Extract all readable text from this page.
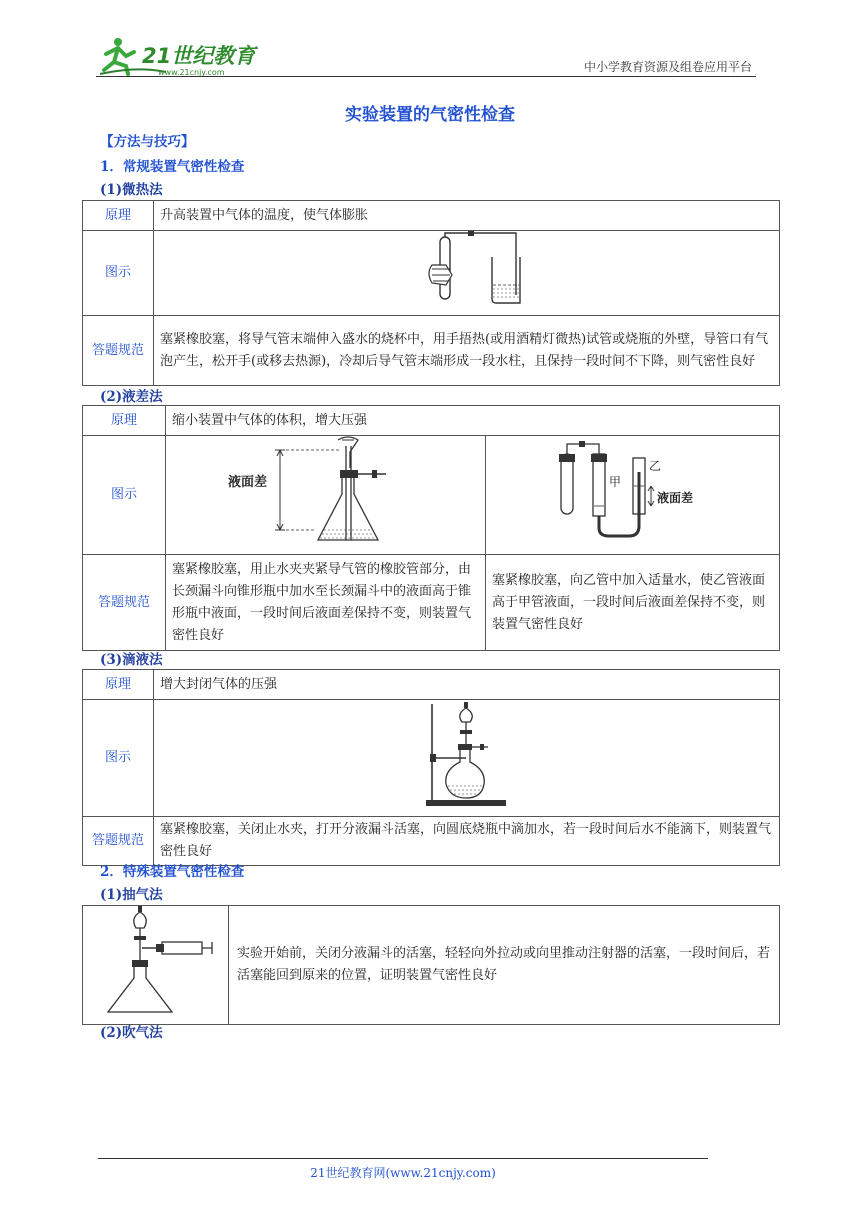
21世纪教育
www.21cnjy.com	中小学教育资源及组卷应用平台
实验装置的气密性检查
【方法与技巧】
1．常规装置气密性检查
(1)微热法
原理	升高装置中气体的温度，使气体膨胀
图示	
答题规范	塞紧橡胶塞，将导气管末端伸入盛水的烧杯中，用手捂热(或用酒精灯微热)试管或烧瓶的外壁，导管口有气泡产生，松开手(或移去热源)，冷却后导气管末端形成一段水柱，且保持一段时间不下降，则气密性良好
(2)液差法
原理	缩小装置中气体的体积，增大压强	
图示	液面差	甲
乙
液面差

答题规范	塞紧橡胶塞，用止水夹夹紧导气管的橡胶管部分，由长颈漏斗向锥形瓶中加水至长颈漏斗中的液面高于锥形瓶中液面，一段时间后液面差保持不变，则装置气密性良好	塞紧橡胶塞，向乙管中加入适量水，使乙管液面高于甲管液面，一段时间后液面差保持不变，则装置气密性良好
(3)滴液法
原理	增大封闭气体的压强
图示	
答题规范	塞紧橡胶塞，关闭止水夹，打开分液漏斗活塞，向圆底烧瓶中滴加水，若一段时间后水不能滴下，则装置气密性良好
2．特殊装置气密性检查
(1)抽气法
	实验开始前，关闭分液漏斗的活塞，轻轻向外拉动或向里推动注射器的活塞，一段时间后，若活塞能回到原来的位置，证明装置气密性良好
(2)吹气法
21世纪教育网(www.21cnjy.com)
